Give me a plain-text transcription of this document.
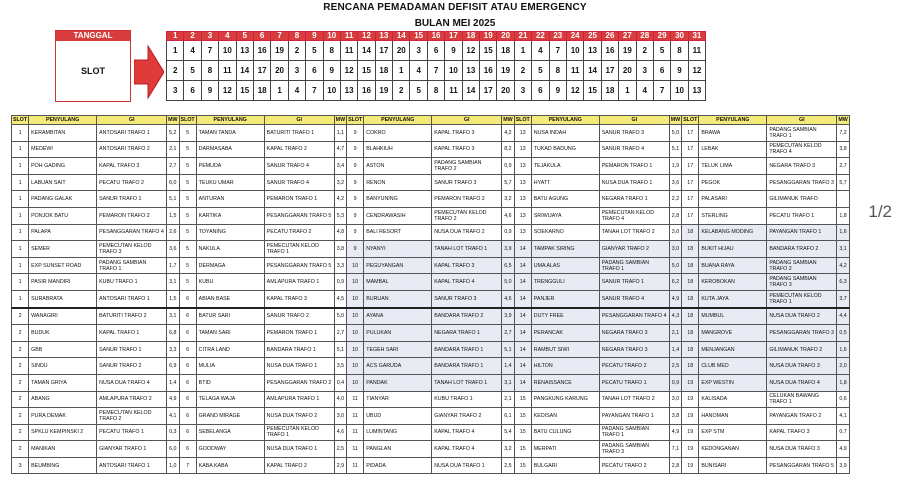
RENCANA PEMADAMAN DEFISIT ATAU EMERGENCY
BULAN MEI 2025
TANGGAL
SLOT
1	2	3	4	5	6	7	8	9	10	11	12	13	14	15	16	17	18	19	20	21	22	23	24	25	26	27	28	29	30	31
1	4	7	10	13	16	19	2	5	8	11	14	17	20	3	6	9	12	15	18	1	4	7	10	13	16	19	2	5	8	11
2	5	8	11	14	17	20	3	6	9	12	15	18	1	4	7	10	13	16	19	2	5	8	11	14	17	20	3	6	9	12
3	6	9	12	15	18	1	4	7	10	13	16	19	2	5	8	11	14	17	20	3	6	9	12	15	18	1	4	7	10	13
1/2
SLOT	PENYULANG	GI	MW	SLOT	PENYULANG	GI	MW	SLOT	PENYULANG	GI	MW	SLOT	PENYULANG	GI	MW	SLOT	PENYULANG	GI	MW
1	KERAMBITAN	ANTOSARI TRAFO 1	5,2	5	TAMAN TANDA	BATURITI TRAFO 1	1,1	9	COKRO	KAPAL TRAFO 3	4,2	13	NUSA INDAH	SANUR TRAFO 3	5,0	17	BRAWA	PADANG SAMBIAN TRAFO 1	7,2
1	MEDEWI	ANTOSARI TRAFO 2	2,1	5	DARMASABA	KAPAL TRAFO 2	4,7	9	BLAHKIUH	KAPAL TRAFO 3	8,2	13	TUKAD BADUNG	SANUR TRAFO 4	5,1	17	LEBAK	PEMECUTAN KELOD TRAFO 4	3,8
1	POH GADING	KAPAL TRAFO 3	2,7	5	PEMUDA	SANUR TRAFO 4	3,4	9	ASTON	PADANG SAMBIAN TRAFO 2	0,9	13	TEJAKULA	PEMARON TRAFO 1	1,9	17	TELUK LIMA	NEGARA TRAFO 3	2,7
1	LABUAN SAIT	PECATU TRAFO 2	6,0	5	TEUKU UMAR	SANUR TRAFO 4	3,2	9	RENON	SANUR TRAFO 3	5,7	13	HYATT	NUSA DUA TRAFO 1	3,6	17	PEGOK	PESANGGARAN TRAFO 3	5,7
1	PADANG GALAK	SANUR TRAFO 1	5,1	5	ANTURAN	PEMARON TRAFO 1	4,2	9	BANYUNING	PEMARON TRAFO 2	3,2	13	BATU AGUNG	NEGARA TRAFO 1	2,2	17	PALASARI	GILIMANUK TRAFO	
1	PONJOK BATU	PEMARON TRAFO 2	1,5	5	KARTIKA	PESANGGARAN TRAFO 5	5,3	9	CENDRAWASIH	PEMECUTAN KELOD TRAFO 2	4,6	13	SRIWIJAYA	PEMECUTAN KELOD TRAFO 4	2,8	17	STERLING	PECATU TRAFO 1	1,8
1	PALAPA	PESANGGARAN TRAFO 4	2,6	5	TOYANING	PECATU TRAFO 2	4,8	9	BALI RESORT	NUSA DUA TRAFO 2	0,9	13	SOEKARNO	TANAH LOT TRAFO 2	3,0	18	KELABANG MODING	PAYANGAN TRAFO 1	1,6
1	SEMER	PEMECUTAN KELOD TRAFO 3	3,6	5	NAKULA	PEMECUTAN KELOD TRAFO 1	3,8	9	NYANYI	TANAH LOT TRAFO 1	3,9	14	TAMPAK SIRING	GIANYAR TRAFO 2	3,0	18	BUKIT HIJAU	BANDARA TRAFO 2	3,1
1	EXP SUNSET ROAD	PADANG SAMBIAN TRAFO 1	1,7	5	DERMAGA	PESANGGARAN TRAFO 5	3,3	10	PEGUYANGAN	KAPAL TRAFO 3	6,5	14	UMA ALAS	PADANG SAMBIAN TRAFO 1	5,0	18	BUANA RAYA	PADANG SAMBIAN TRAFO 2	4,2
1	PASIR MANDIRI	KUBU TRAFO 1	3,1	5	KUBU	AMLAPURA TRAFO 1	0,9	10	MAMBAL	KAPAL TRAFO 4	5,0	14	TRENGGULI	SANUR TRAFO 1	6,2	18	KEROBOKAN	PADANG SAMBIAN TRAFO 3	6,3
1	SURABRATA	ANTOSARI TRAFO 1	1,5	6	ABIAN BASE	KAPAL TRAFO 3	4,5	10	BURUAN	SANUR TRAFO 3	4,6	14	PANJER	SANUR TRAFO 4	4,9	18	KUTA JAYA	PEMECUTAN KELOD TRAFO 1	3,7
2	WANAGIRI	BATURITI TRAFO 2	3,1	6	BATUR SARI	SANUR TRAFO 2	5,0	10	AYANA	BANDARA TRAFO 2	3,9	14	DUTY FREE	PESANGGARAN TRAFO 4	4,3	18	MUMBUL	NUSA DUA TRAFO 2	4,4
2	BUDUK	KAPAL TRAFO 1	6,8	6	TAMAN SARI	PEMARON TRAFO 1	2,7	10	PULUKAN	NEGARA TRAFO 1	2,7	14	PERANCAK	NEGARA TRAFO 3	2,1	18	MANGROVE	PESANGGARAN TRAFO 3	0,5
2	GBB	SANUR TRAFO 1	3,3	6	CITRA LAND	BANDARA TRAFO 1	5,1	10	TEGEH SARI	BANDARA TRAFO 1	5,1	14	RAMBUT SIWI	NEGARA TRAFO 3	1,4	18	MENJANGAN	GILIMANUK TRAFO 2	1,6
2	SINDU	SANUR TRAFO 2	6,9	6	MULIA	NUSA DUA TRAFO 1	3,5	10	ACS GARUDA	BANDARA TRAFO 1	1,4	14	HILTON	PECATU TRAFO 2	2,5	18	CLUB MED	NUSA DUA TRAFO 3	2,0
2	TAMAN GRIYA	NUSA DUA TRAFO 4	1,4	6	BTID	PESANGGARAN TRAFO 2	0,4	10	PANDAK	TANAH LOT TRAFO 1	3,1	14	RENAISSANCE	PECATU TRAFO 1	0,9	19	EXP WESTIN	NUSA DUA TRAFO 4	1,8
2	ABANG	AMLAPURA TRAFO 2	4,9	6	TELAGA WAJA	AMLAPURA TRAFO 1	4,0	11	TIANYAR	KUBU TRAFO 1	2,1	15	PANGKUNG KARUNG	TANAH LOT TRAFO 2	3,0	19	KALISADA	CELUKAN BAWANG TRAFO 1	0,6
2	PURA DEMAK	PEMECUTAN KELOD TRAFO 2	4,1	6	GRAND MIRAGE	NUSA DUA TRAFO 2	3,0	11	UBUD	GIANYAR TRAFO 2	6,1	15	KEDISAN	PAYANGAN TRAFO 1	3,8	19	HANOMAN	PAYANGAN TRAFO 2	4,1
2	SPKLU KEMPINSKI 2	PECATU TRAFO 1	0,3	6	SEBELANGA	PEMECUTAN KELOD TRAFO 1	4,6	11	LUMINTANG	KAPAL TRAFO 4	5,4	15	BATU CULUNG	PADANG SAMBIAN TRAFO 1	4,9	19	EXP STM	KAPAL TRAFO 3	0,7
2	MANIKAN	GIANYAR TRAFO 1	6,0	6	GOODWAY	NUSA DUA TRAFO 1	2,5	11	PANGLAN	KAPAL TRAFO 4	3,2	15	MERPATI	PADANG SAMBIAN TRAFO 3	7,1	19	KEDONGANAN	NUSA DUA TRAFO 3	4,9
3	BEUMBING	ANTOSARI TRAFO 1	1,0	7	KABA KABA	KAPAL TRAFO 2	2,9	11	PIDADA	NUSA DUA TRAFO 1	2,5	15	BULGARI	PECATU TRAFO 2	2,8	19	BUNISARI	PESANGGARAN TRAFO 5	3,9
